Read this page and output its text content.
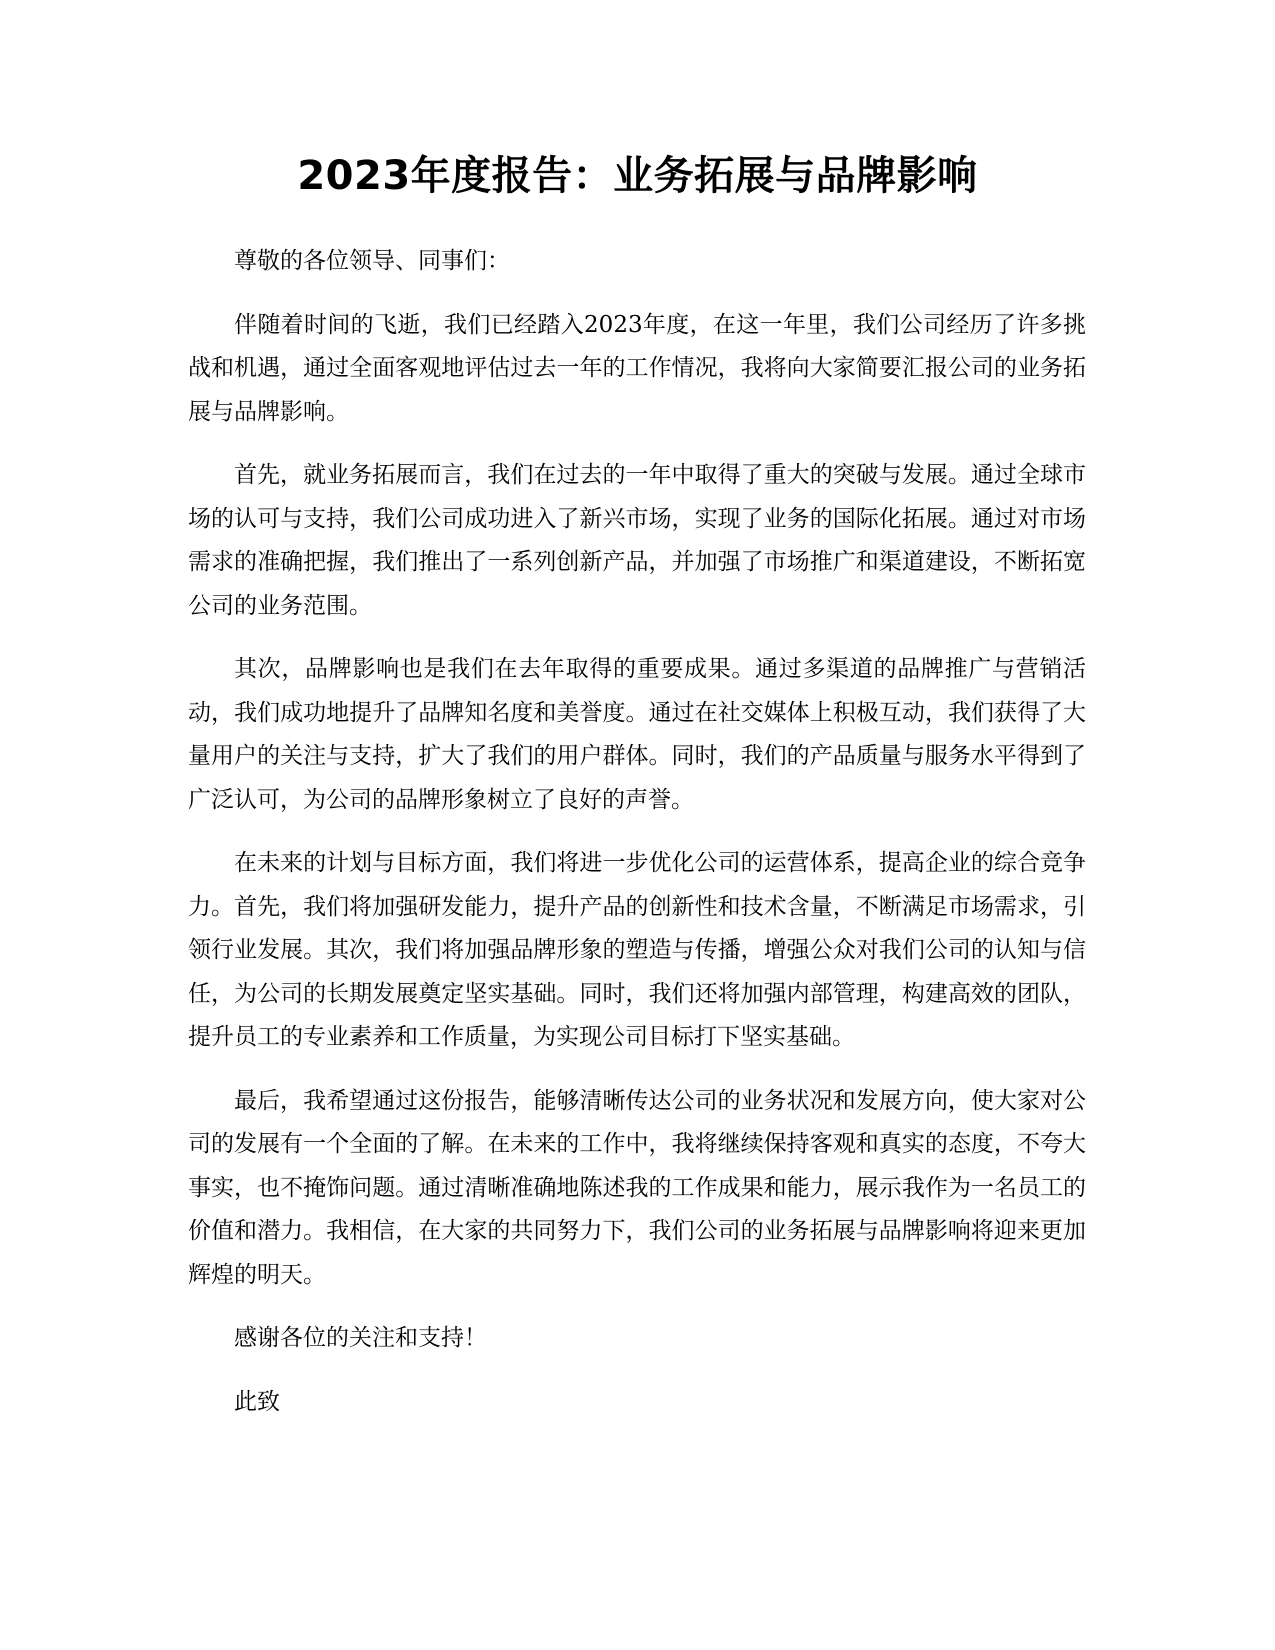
2023年度报告：业务拓展与品牌影响

尊敬的各位领导、同事们：

伴随着时间的飞逝，我们已经踏入2023年度，在这一年里，我们公司经历了许多挑战和机遇，通过全面客观地评估过去一年的工作情况，我将向大家简要汇报公司的业务拓展与品牌影响。

首先，就业务拓展而言，我们在过去的一年中取得了重大的突破与发展。通过全球市场的认可与支持，我们公司成功进入了新兴市场，实现了业务的国际化拓展。通过对市场需求的准确把握，我们推出了一系列创新产品，并加强了市场推广和渠道建设，不断拓宽公司的业务范围。

其次，品牌影响也是我们在去年取得的重要成果。通过多渠道的品牌推广与营销活动，我们成功地提升了品牌知名度和美誉度。通过在社交媒体上积极互动，我们获得了大量用户的关注与支持，扩大了我们的用户群体。同时，我们的产品质量与服务水平得到了广泛认可，为公司的品牌形象树立了良好的声誉。

在未来的计划与目标方面，我们将进一步优化公司的运营体系，提高企业的综合竞争力。首先，我们将加强研发能力，提升产品的创新性和技术含量，不断满足市场需求，引领行业发展。其次，我们将加强品牌形象的塑造与传播，增强公众对我们公司的认知与信任，为公司的长期发展奠定坚实基础。同时，我们还将加强内部管理，构建高效的团队，提升员工的专业素养和工作质量，为实现公司目标打下坚实基础。

最后，我希望通过这份报告，能够清晰传达公司的业务状况和发展方向，使大家对公司的发展有一个全面的了解。在未来的工作中，我将继续保持客观和真实的态度，不夸大事实，也不掩饰问题。通过清晰准确地陈述我的工作成果和能力，展示我作为一名员工的价值和潜力。我相信，在大家的共同努力下，我们公司的业务拓展与品牌影响将迎来更加辉煌的明天。

感谢各位的关注和支持！

此致
